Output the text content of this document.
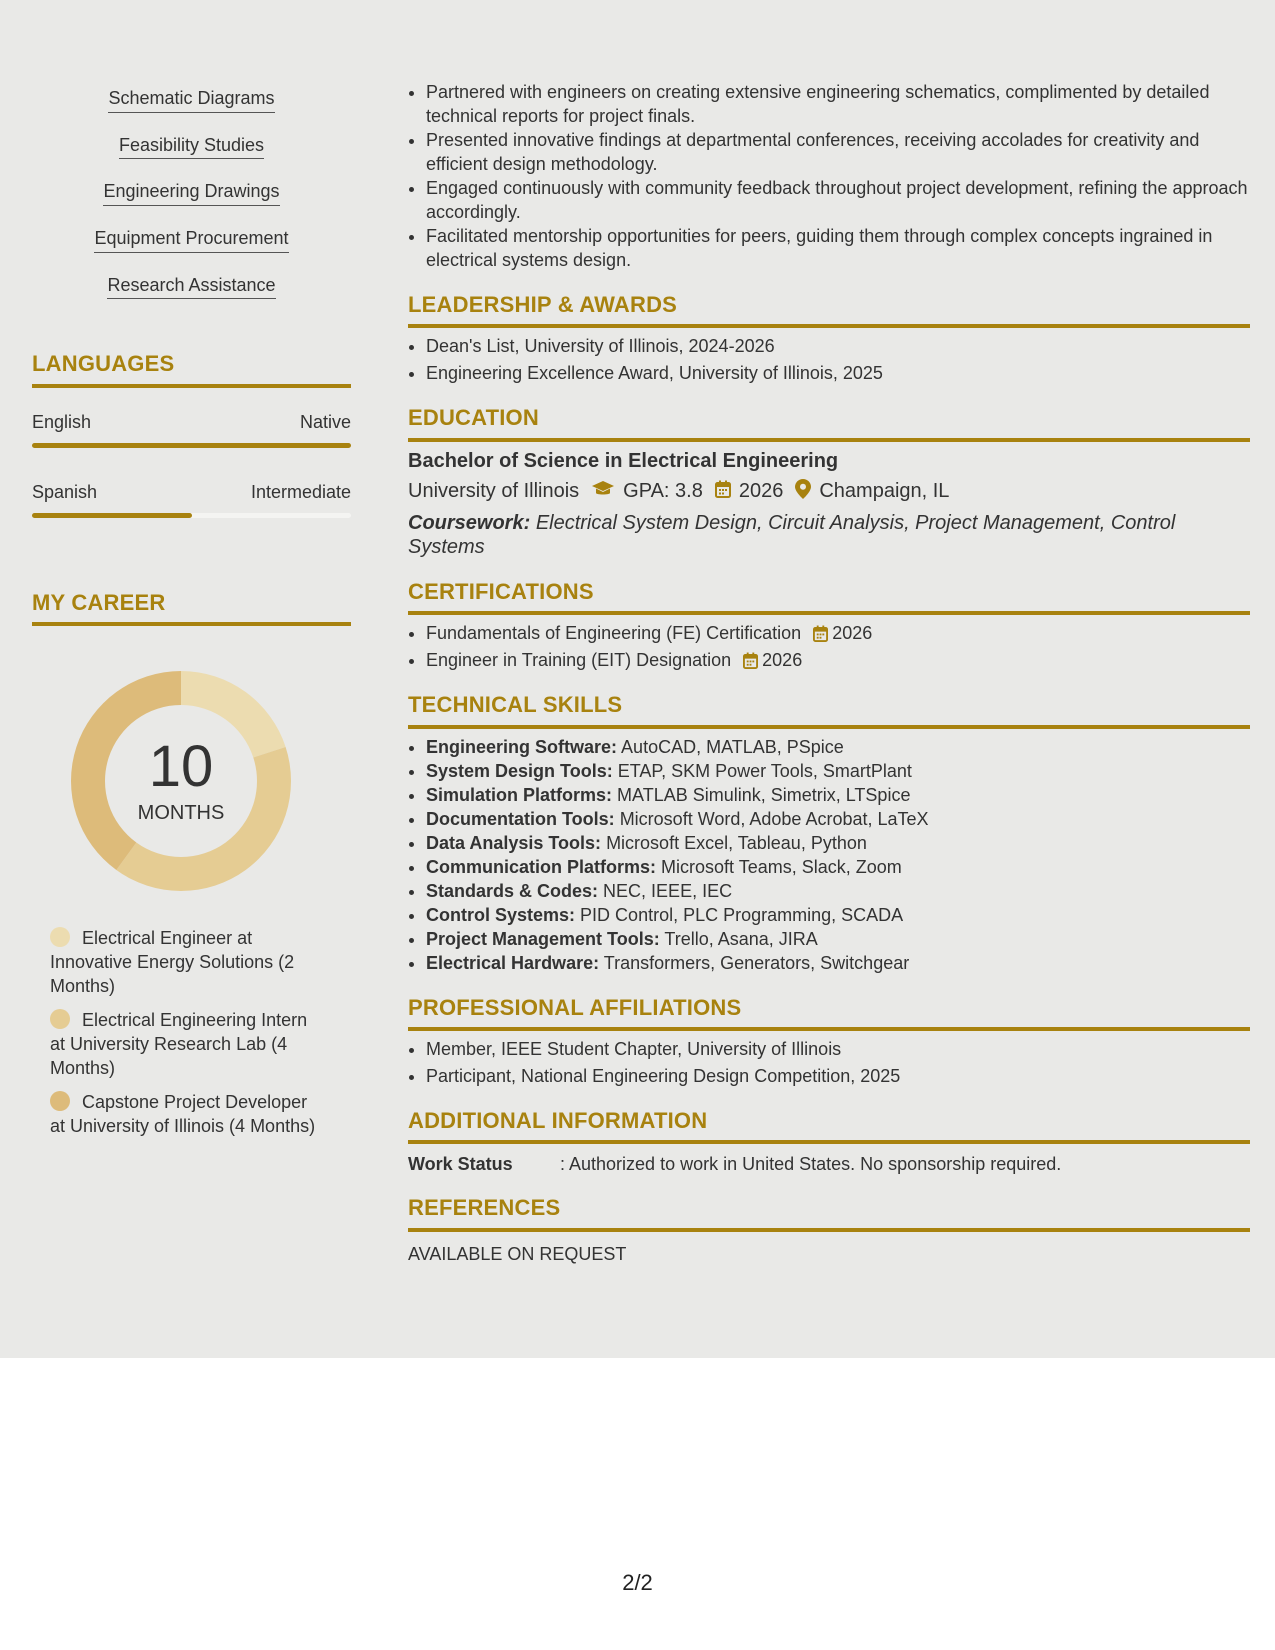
Schematic Diagrams
Feasibility Studies
Engineering Drawings
Equipment Procurement
Research Assistance
LANGUAGES
English	Native
Spanish	Intermediate
MY CAREER
10
MONTHS
Electrical Engineer at Innovative Energy Solutions (2 Months)
Electrical Engineering Intern at University Research Lab (4 Months)
Capstone Project Developer at University of Illinois (4 Months)
• Partnered with engineers on creating extensive engineering schematics, complimented by detailed technical reports for project finals.
• Presented innovative findings at departmental conferences, receiving accolades for creativity and efficient design methodology.
• Engaged continuously with community feedback throughout project development, refining the approach accordingly.
• Facilitated mentorship opportunities for peers, guiding them through complex concepts ingrained in electrical systems design.
LEADERSHIP & AWARDS
• Dean's List, University of Illinois, 2024-2026
• Engineering Excellence Award, University of Illinois, 2025
EDUCATION
Bachelor of Science in Electrical Engineering
University of Illinois GPA: 3.8 2026 Champaign, IL
Coursework: Electrical System Design, Circuit Analysis, Project Management, Control Systems
CERTIFICATIONS
• Fundamentals of Engineering (FE) Certification 2026
• Engineer in Training (EIT) Designation 2026
TECHNICAL SKILLS
• Engineering Software: AutoCAD, MATLAB, PSpice
• System Design Tools: ETAP, SKM Power Tools, SmartPlant
• Simulation Platforms: MATLAB Simulink, Simetrix, LTSpice
• Documentation Tools: Microsoft Word, Adobe Acrobat, LaTeX
• Data Analysis Tools: Microsoft Excel, Tableau, Python
• Communication Platforms: Microsoft Teams, Slack, Zoom
• Standards & Codes: NEC, IEEE, IEC
• Control Systems: PID Control, PLC Programming, SCADA
• Project Management Tools: Trello, Asana, JIRA
• Electrical Hardware: Transformers, Generators, Switchgear
PROFESSIONAL AFFILIATIONS
• Member, IEEE Student Chapter, University of Illinois
• Participant, National Engineering Design Competition, 2025
ADDITIONAL INFORMATION
Work Status	: Authorized to work in United States. No sponsorship required.
REFERENCES
AVAILABLE ON REQUEST
2/2
